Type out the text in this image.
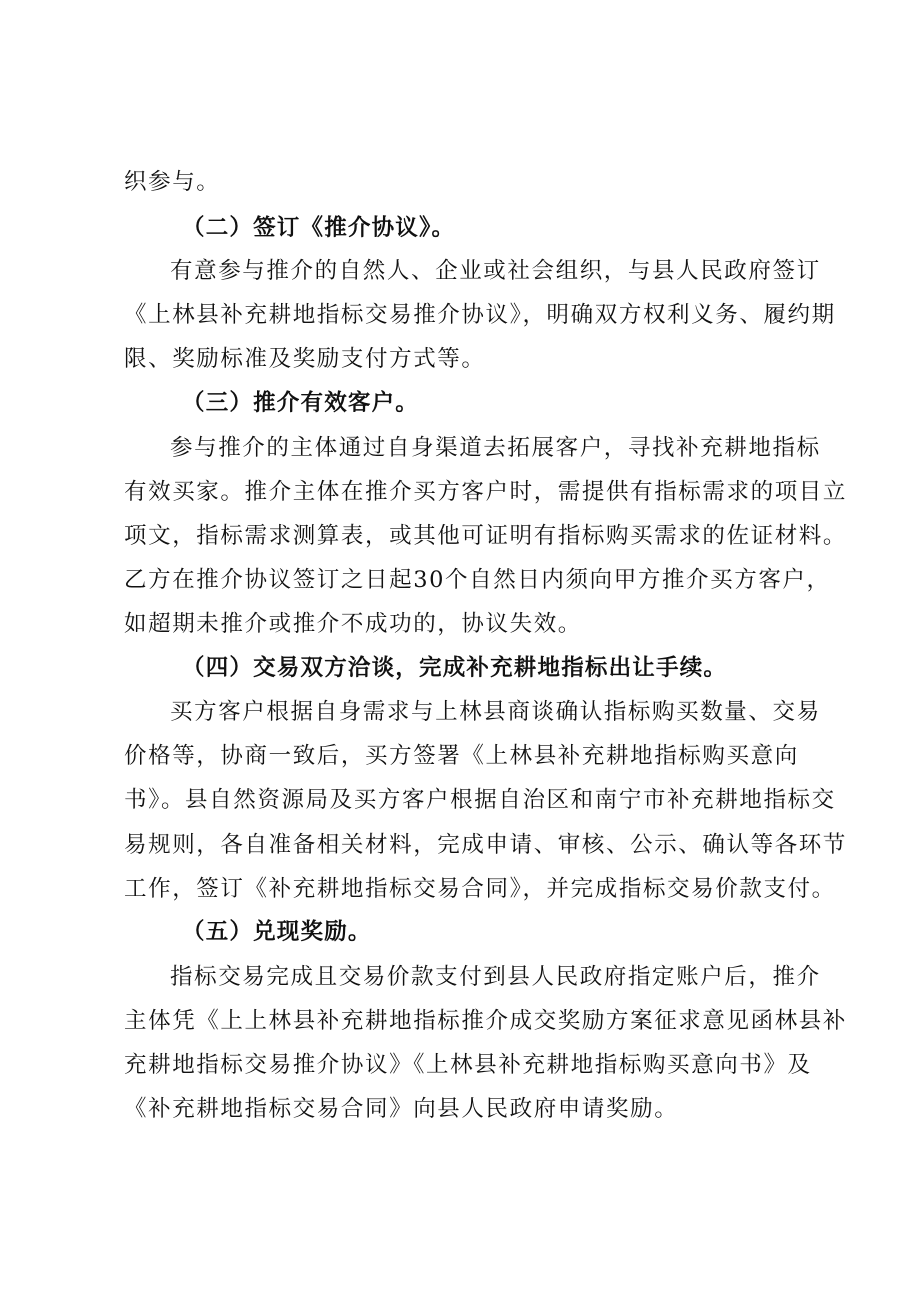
织参与。
（二）签订《推介协议》。
有意参与推介的自然人、企业或社会组织，与县人民政府签订
《上林县补充耕地指标交易推介协议》，明确双方权利义务、履约期
限、奖励标准及奖励支付方式等。
（三）推介有效客户。
参与推介的主体通过自身渠道去拓展客户，寻找补充耕地指标
有效买家。推介主体在推介买方客户时，需提供有指标需求的项目立
项文，指标需求测算表，或其他可证明有指标购买需求的佐证材料。
乙方在推介协议签订之日起30个自然日内须向甲方推介买方客户，
如超期未推介或推介不成功的，协议失效。
（四）交易双方洽谈，完成补充耕地指标出让手续。
买方客户根据自身需求与上林县商谈确认指标购买数量、交易
价格等，协商一致后，买方签署《上林县补充耕地指标购买意向
书》。县自然资源局及买方客户根据自治区和南宁市补充耕地指标交
易规则，各自准备相关材料，完成申请、审核、公示、确认等各环节
工作，签订《补充耕地指标交易合同》，并完成指标交易价款支付。
（五）兑现奖励。
指标交易完成且交易价款支付到县人民政府指定账户后，推介
主体凭《上上林县补充耕地指标推介成交奖励方案征求意见函林县补
充耕地指标交易推介协议》《上林县补充耕地指标购买意向书》及
《补充耕地指标交易合同》向县人民政府申请奖励。
